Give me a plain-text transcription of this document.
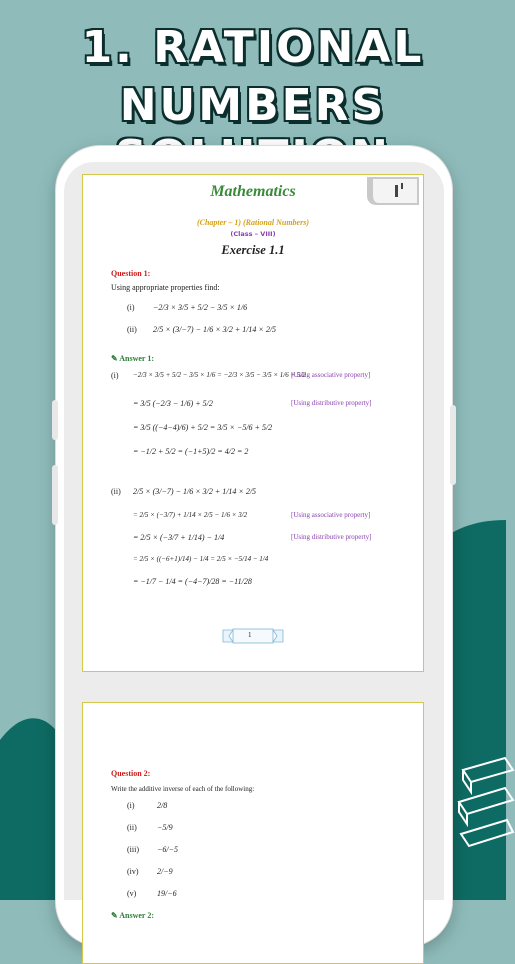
1. RATIONAL
NUMBERS
Mathematics
(Chapter – 1) (Rational Numbers)
(Class – VIII)
Exercise 1.1
Question 1:
Using appropriate properties find:
(i) −2/3 × 3/5 + 5/2 − 3/5 × 1/6
(ii) 2/5 × (3/−7) − 1/6 × 3/2 + 1/14 × 2/5
✎ Answer 1:
(i) −2/3 × 3/5 + 5/2 − 3/5 × 1/6 = −2/3 × 3/5 − 3/5 × 1/6 + 5/2
[Using associative property]
= 3/5 (−2/3 − 1/6) + 5/2	[Using distributive property]
= 3/5 ((−4−4)/6) + 5/2 = 3/5 × −5/6 + 5/2
= −1/2 + 5/2 = (−1+5)/2 = 4/2 = 2
(ii) 2/5 × (3/−7) − 1/6 × 3/2 + 1/14 × 2/5
= 2/5 × (−3/7) + 1/14 × 2/5 − 1/6 × 3/2	[Using associative property]
= 2/5 × (−3/7 + 1/14) − 1/4	[Using distributive property]
= 2/5 × ((−6+1)/14) − 1/4 = 2/5 × −5/14 − 1/4
= −1/7 − 1/4 = (−4−7)/28 = −11/28
1
Question 2:
Write the additive inverse of each of the following:
(i)	2/8
(ii)	−5/9
(iii) −6/−5
(iv) 2/−9
(v)	19/−6
✎ Answer 2:
